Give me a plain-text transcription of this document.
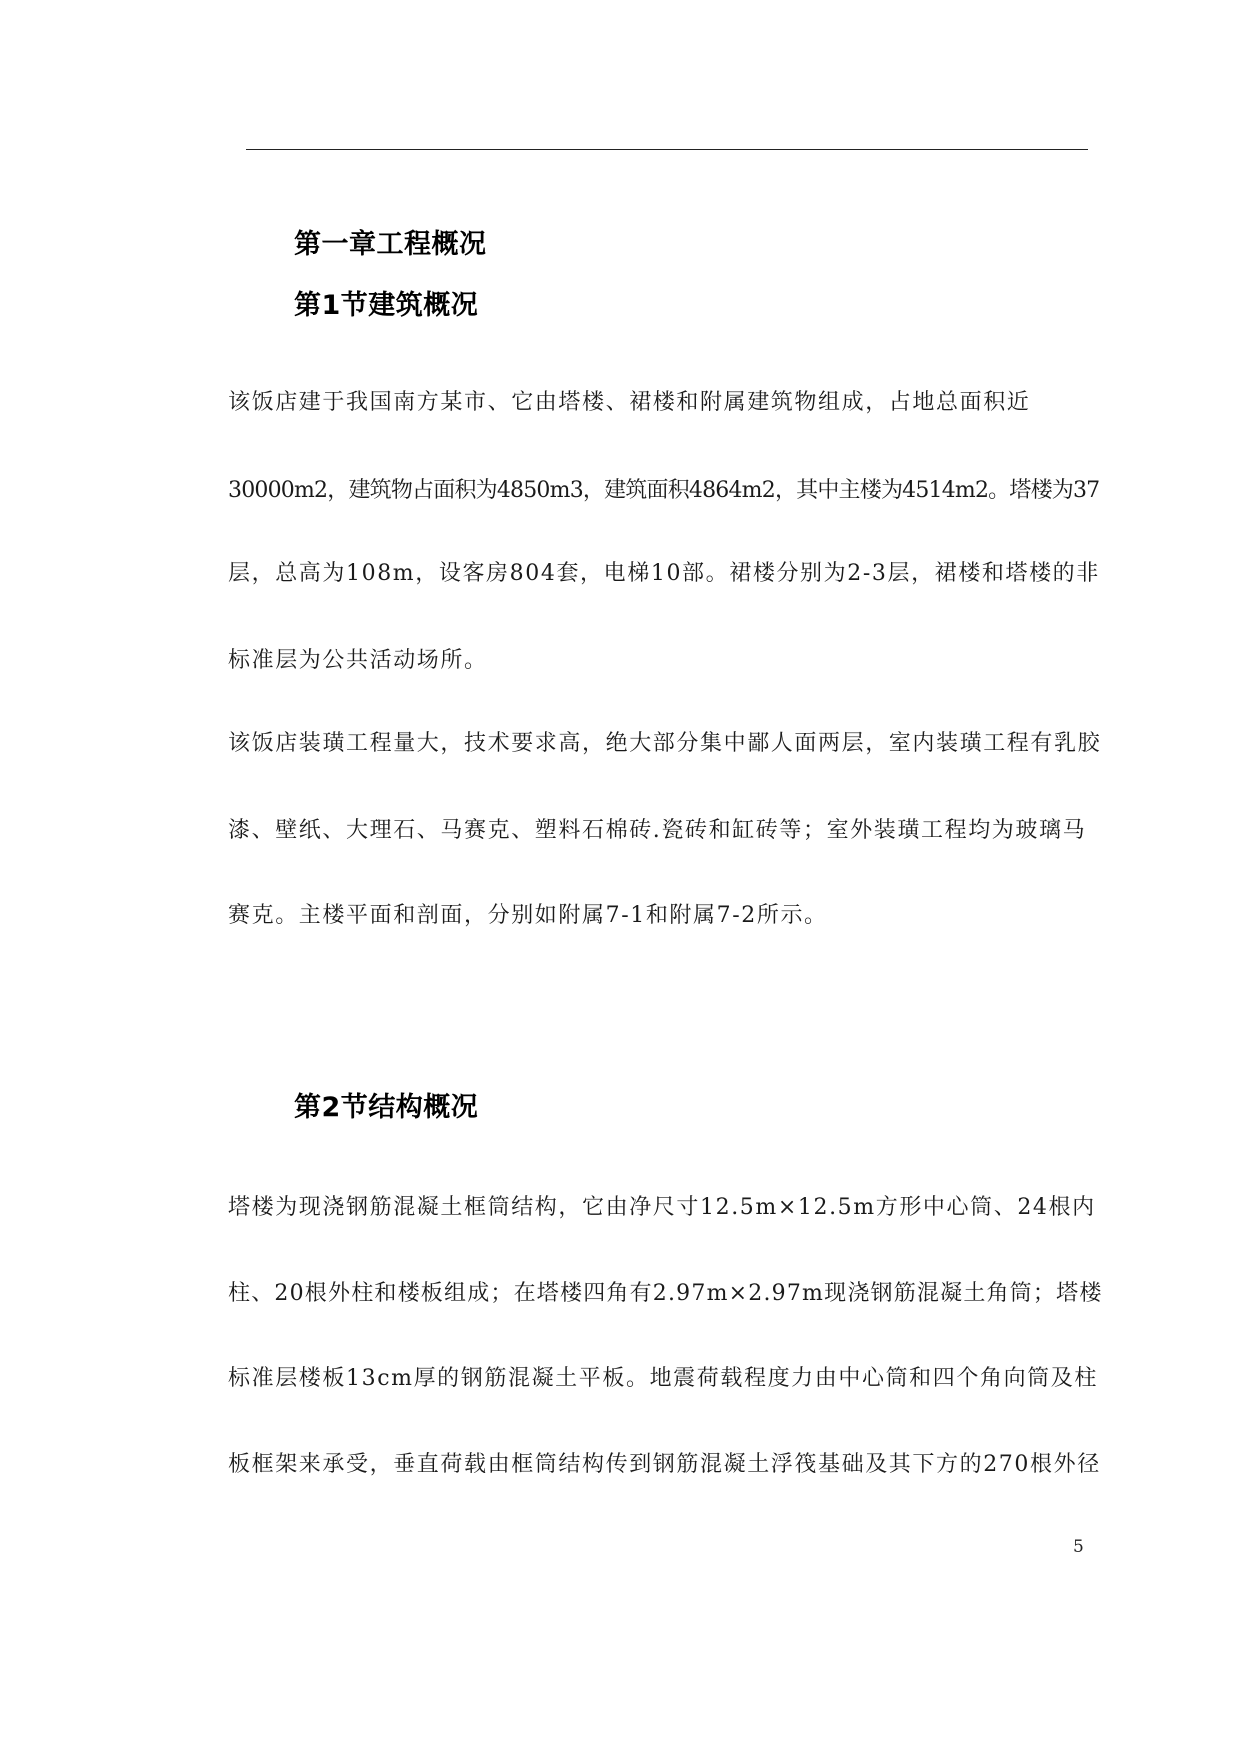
第一章工程概况
第1节建筑概况
该饭店建于我国南方某市、它由塔楼、裙楼和附属建筑物组成，占地总面积近
30000m2，建筑物占面积为4850m3，建筑面积4864m2，其中主楼为4514m2。塔楼为37
层，总高为108m，设客房804套，电梯10部。裙楼分别为2-3层，裙楼和塔楼的非
标准层为公共活动场所。
该饭店装璜工程量大，技术要求高，绝大部分集中鄙人面两层，室内装璜工程有乳胶
漆、壁纸、大理石、马赛克、塑料石棉砖.瓷砖和缸砖等；室外装璜工程均为玻璃马
赛克。主楼平面和剖面，分别如附属7-1和附属7-2所示。
第2节结构概况
塔楼为现浇钢筋混凝土框筒结构，它由净尺寸12.5m×12.5m方形中心筒、24根内
柱、20根外柱和楼板组成；在塔楼四角有2.97m×2.97m现浇钢筋混凝土角筒；塔楼
标准层楼板13cm厚的钢筋混凝土平板。地震荷载程度力由中心筒和四个角向筒及柱
板框架来承受，垂直荷载由框筒结构传到钢筋混凝土浮筏基础及其下方的270根外径
5
